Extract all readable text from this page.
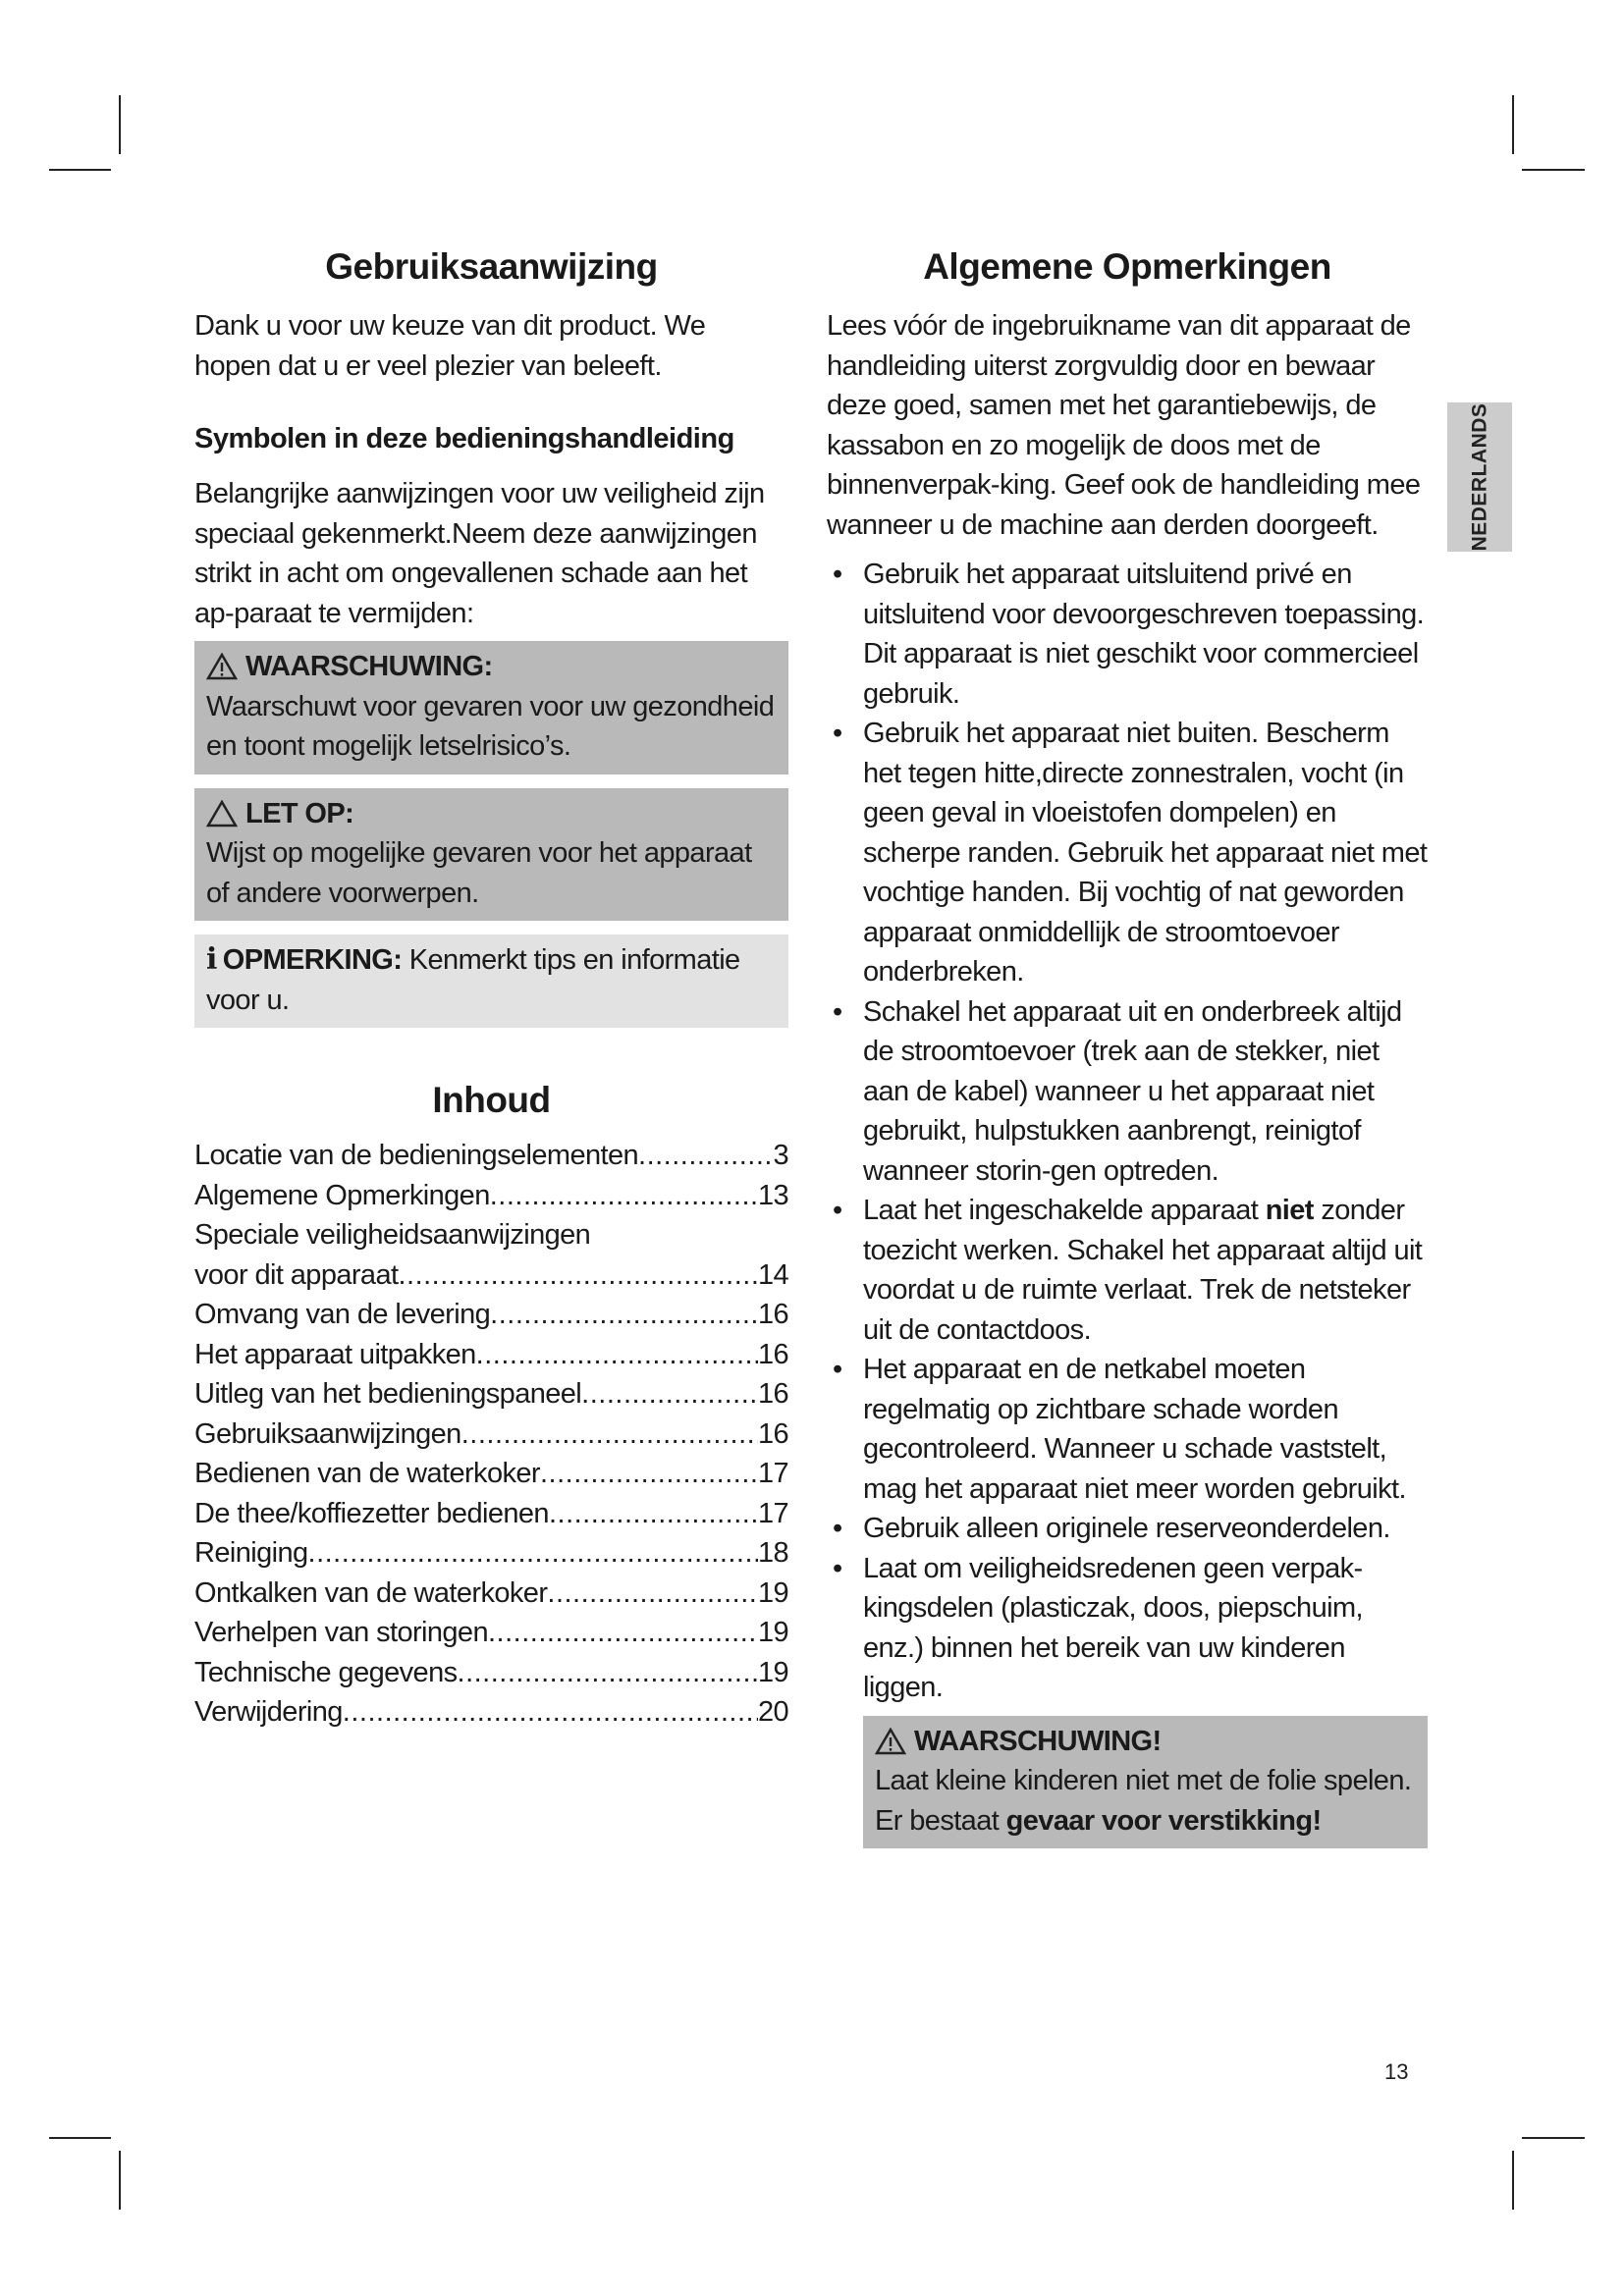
Gebruiksaanwijzing

Dank u voor uw keuze van dit product. We hopen dat u er veel plezier van beleeft.

Symbolen in deze bedieningshandleiding

Belangrijke aanwijzingen voor uw veiligheid zijn speciaal gekenmerkt.Neem deze aanwijzingen strikt in acht om ongevallenen schade aan het ap-paraat te vermijden:

WAARSCHUWING:

Waarschuwt voor gevaren voor uw gezondheid en toont mogelijk letselrisico’s.

LET OP:

Wijst op mogelijke gevaren voor het apparaat of andere voorwerpen.

i OPMERKING: Kenmerkt tips en informatie voor u.
Inhoud
Locatie van de bedieningselementen .....	3
Algemene Opmerkingen .....	13
Speciale veiligheidsaanwijzingen
voor dit apparaat .....	14
Omvang van de levering .....	16
Het apparaat uitpakken .....	16
Uitleg van het bedieningspaneel .....	16
Gebruiksaanwijzingen .....	16
Bedienen van de waterkoker .....	17
De thee/koffiezetter bedienen .....	17
Reiniging .....	18
Ontkalken van de waterkoker .....	19
Verhelpen van storingen .....	19
Technische gegevens .....	19
Verwijdering .....	20
Algemene Opmerkingen

Lees vóór de ingebruikname van dit apparaat de handleiding uiterst zorgvuldig door en bewaar deze goed, samen met het garantiebewijs, de kassabon en zo mogelijk de doos met de binnenverpak-king. Geef ook de handleiding mee wanneer u de machine aan derden doorgeeft.

• Gebruik het apparaat uitsluitend privé en uitsluitend voor devoorgeschreven toepassing. Dit apparaat is niet geschikt voor commercieel gebruik.
• Gebruik het apparaat niet buiten. Bescherm het tegen hitte,directe zonnestralen, vocht (in geen geval in vloeistofen dompelen) en scherpe randen. Gebruik het apparaat niet met vochtige handen. Bij vochtig of nat geworden apparaat onmiddellijk de stroomtoevoer onderbreken.
• Schakel het apparaat uit en onderbreek altijd de stroomtoevoer (trek aan de stekker, niet aan de kabel) wanneer u het apparaat niet gebruikt, hulpstukken aanbrengt, reinigtof wanneer storin-gen optreden.
• Laat het ingeschakelde apparaat niet zonder toezicht werken. Schakel het apparaat altijd uit voordat u de ruimte verlaat. Trek de netsteker uit de contactdoos.
• Het apparaat en de netkabel moeten regelmatig op zichtbare schade worden gecontroleerd. Wanneer u schade vaststelt, mag het apparaat niet meer worden gebruikt.
• Gebruik alleen originele reserveonderdelen.
• Laat om veiligheidsredenen geen verpak-kingsdelen (plasticzak, doos, piepschuim, enz.) binnen het bereik van uw kinderen liggen.
WAARSCHUWING!

Laat kleine kinderen niet met de folie spelen. Er bestaat gevaar voor verstikking!

NEDERLANDS
13
